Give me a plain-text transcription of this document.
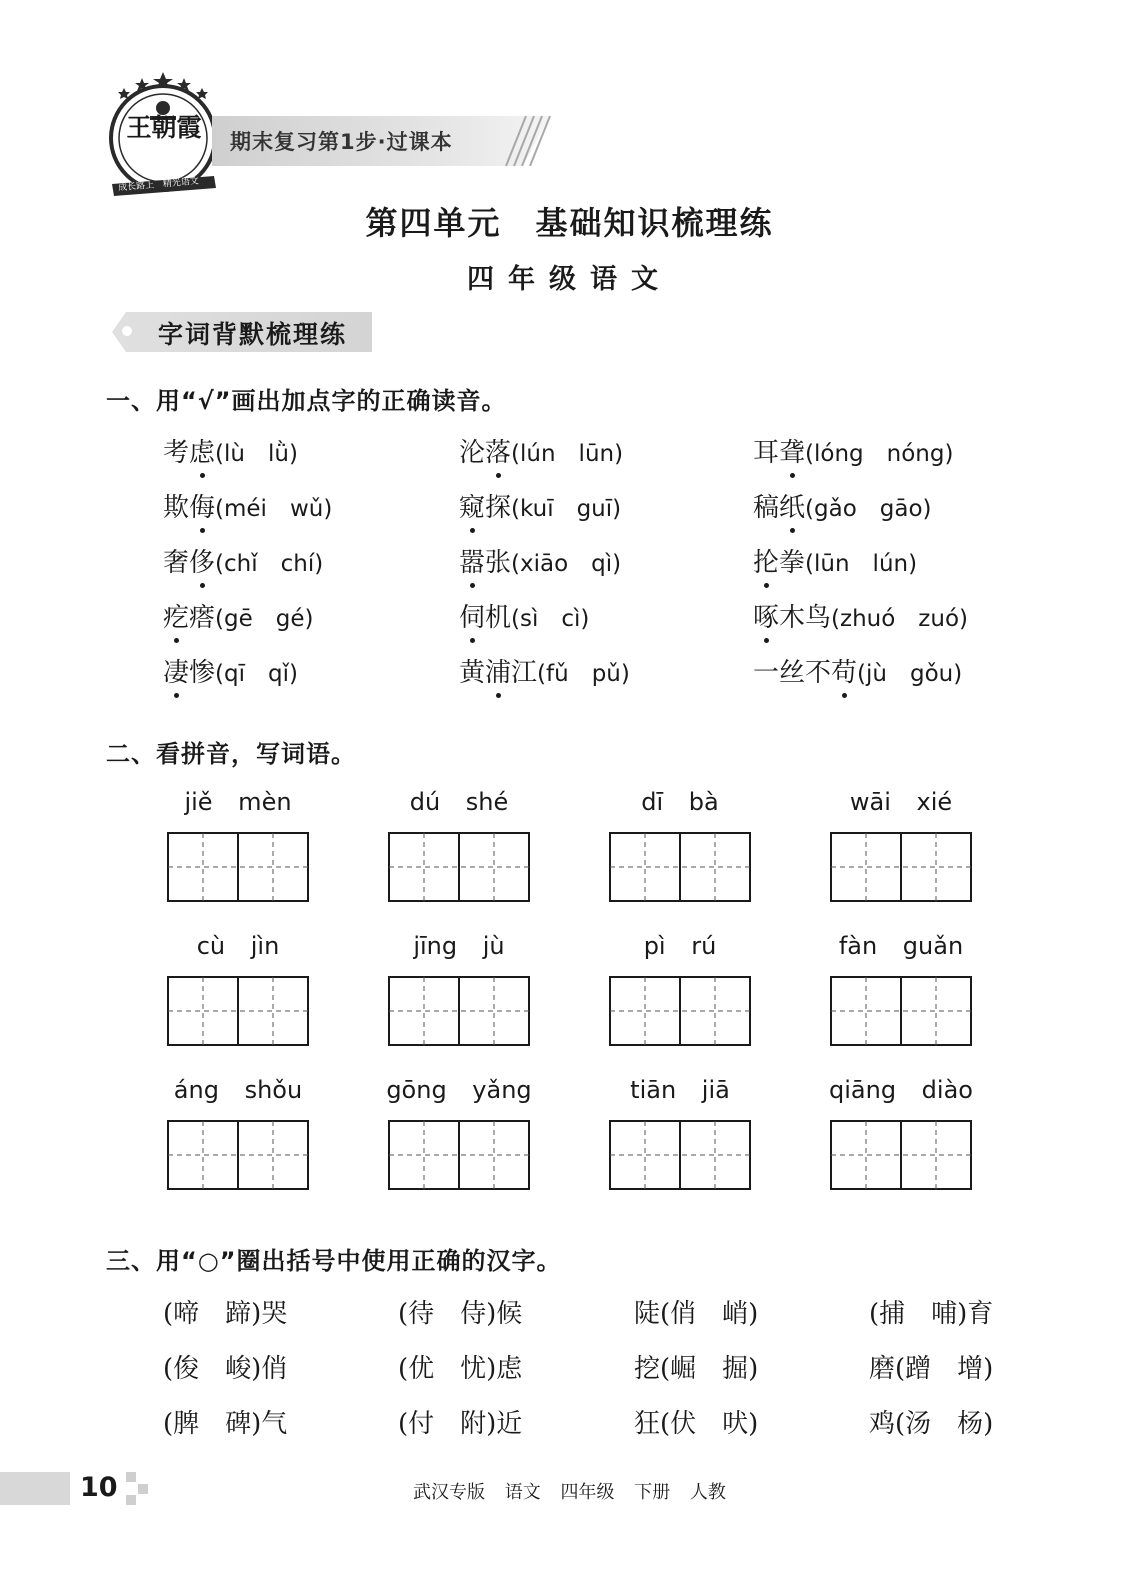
王朝霞
成长路上 精光语文
期末复习第1步·过课本
第四单元　基础知识梳理练
四年级语文
字词背默梳理练
一、用“√”画出加点字的正确读音。
考虑(lù　lǜ)	沦落(lún　lūn)	耳聋(lóng　nóng)
欺侮(méi　wǔ)	窥探(kuī　guī)	稿纸(gǎo　gāo)
奢侈(chǐ　chí)	嚣张(xiāo　qì)	抡拳(lūn　lún)
疙瘩(gē　gé)	伺机(sì　cì)	啄木鸟(zhuó　zuó)
凄惨(qī　qǐ)	黄浦江(fǔ　pǔ)	一丝不苟(jù　gǒu)
二、看拼音，写词语。
jiě mèn	dú shé	dī bà	wāi xié
cù jìn	jīng jù	pì rú	fàn guǎn
áng shǒu	gōng yǎng	tiān jiā	qiāng diào
三、用“○”圈出括号中使用正确的汉字。
(啼　蹄)哭	(待　侍)候	陡(俏　峭)	(捕　哺)育
(俊　峻)俏	(优　忧)虑	挖(崛　掘)	磨(蹭　增)
(脾　碑)气	(付　附)近	狂(伏　吠)	鸡(汤　杨)
10	武汉专版 语文 四年级 下册 人教
